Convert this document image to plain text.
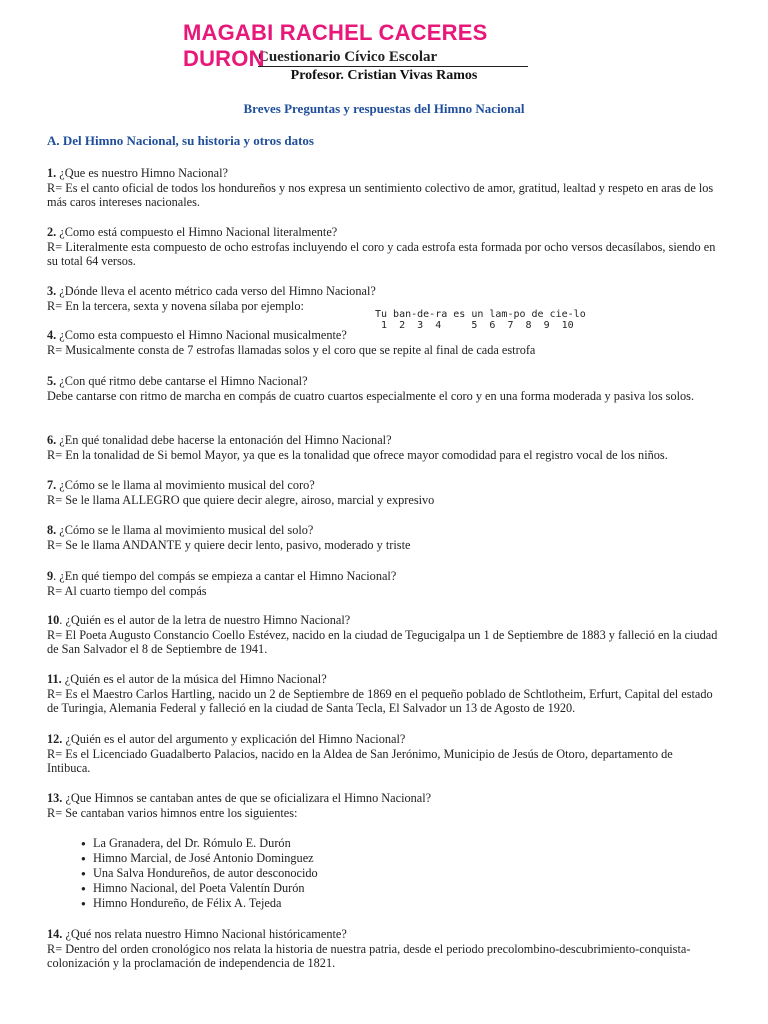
Cuestionario Cívico Escolar
MAGABI RACHEL CACERES DURON
Profesor. Cristian Vivas Ramos
Breves Preguntas y respuestas del Himno Nacional
A. Del Himno Nacional, su historia y otros datos

1. ¿Que es nuestro Himno Nacional?

R= Es el canto oficial de todos los hondureños y nos expresa un sentimiento colectivo de amor, gratitud, lealtad y respeto en aras de los más caros intereses nacionales.

2. ¿Como está compuesto el Himno Nacional literalmente?

R= Literalmente esta compuesto de ocho estrofas incluyendo el coro y cada estrofa esta formada por ocho versos decasílabos, siendo en su total 64 versos.

3. ¿Dónde lleva el acento métrico cada verso del Himno Nacional?

R= En la tercera, sexta y novena sílaba por ejemplo:

Tu ban-de-ra es un lam-po de cie-lo
1  2  3  4     5  6  7  8  9  10

4. ¿Como esta compuesto el Himno Nacional musicalmente?

R= Musicalmente consta de 7 estrofas llamadas solos y el coro que se repite al final de cada estrofa

5. ¿Con qué ritmo debe cantarse el Himno Nacional?

Debe cantarse con ritmo de marcha en compás de cuatro cuartos especialmente el coro y en una forma moderada y pasiva los solos.

6. ¿En qué tonalidad debe hacerse la entonación del Himno Nacional?

R= En la tonalidad de Si bemol Mayor, ya que es la tonalidad que ofrece mayor comodidad para el registro vocal de los niños.

7. ¿Cómo se le llama al movimiento musical del coro?

R= Se le llama ALLEGRO que quiere decir alegre, airoso, marcial y expresivo

8. ¿Cómo se le llama al movimiento musical del solo?

R= Se le llama ANDANTE y quiere decir lento, pasivo, moderado y triste

9. ¿En qué tiempo del compás se empieza a cantar el Himno Nacional?

R= Al cuarto tiempo del compás

10. ¿Quién es el autor de la letra de nuestro Himno Nacional?

R= El Poeta Augusto Constancio Coello Estévez, nacido en la ciudad de Tegucigalpa un 1 de Septiembre de 1883 y falleció en la ciudad de San Salvador el 8 de Septiembre de 1941.

11. ¿Quién es el autor de la música del Himno Nacional?

R= Es el Maestro Carlos Hartling, nacido un 2 de Septiembre de 1869 en el pequeño poblado de Schtlotheim, Erfurt, Capital del estado de Turingia, Alemania Federal y falleció en la ciudad de Santa Tecla, El Salvador un 13 de Agosto de 1920.

12. ¿Quién es el autor del argumento y explicación del Himno Nacional?

R= Es el Licenciado Guadalberto Palacios, nacido en la Aldea de San Jerónimo, Municipio de Jesús de Otoro, departamento de Intibuca.

13. ¿Que Himnos se cantaban antes de que se oficializara el Himno Nacional?

R= Se cantaban varios himnos entre los siguientes:

● La Granadera, del Dr. Rómulo E. Durón
● Himno Marcial, de José Antonio Dominguez
● Una Salva Hondureños, de autor desconocido
● Himno Nacional, del Poeta Valentín Durón
● Himno Hondureño, de Félix A. Tejeda

14. ¿Qué nos relata nuestro Himno Nacional históricamente?

R= Dentro del orden cronológico nos relata la historia de nuestra patria, desde el periodo precolombino-descubrimiento-conquista-colonización y la proclamación de independencia de 1821.
